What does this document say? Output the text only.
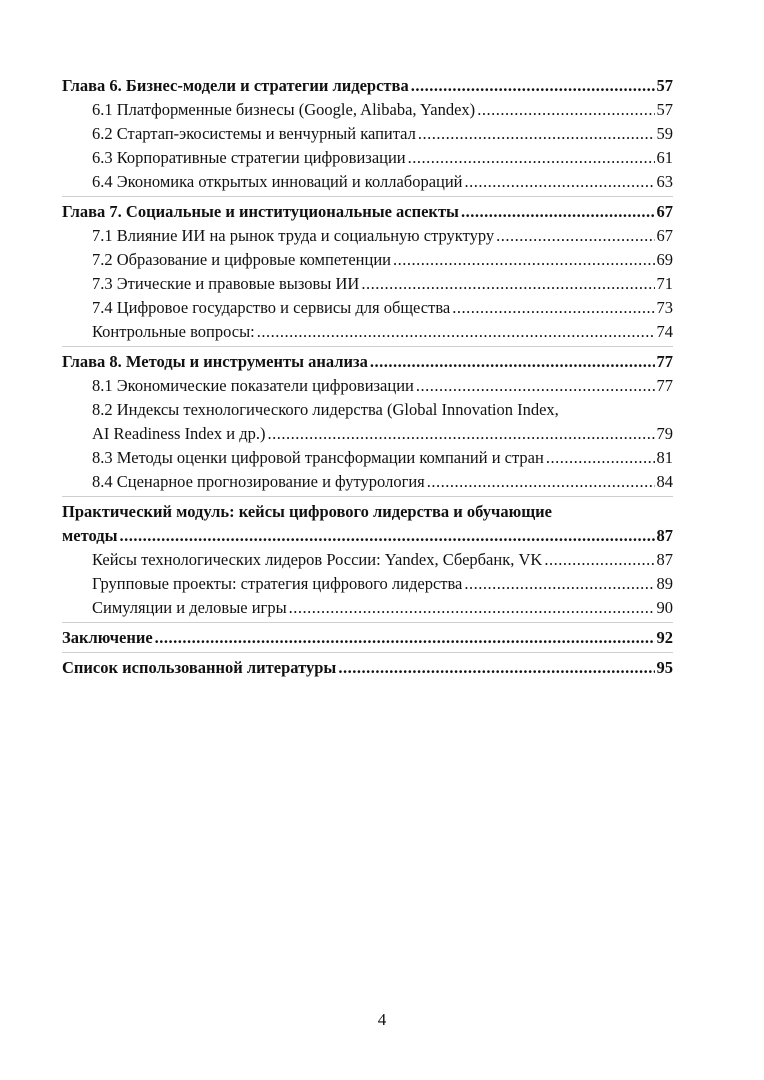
Глава 6. Бизнес-модели и стратегии лидерства .....	57
6.1 Платформенные бизнесы (Google, Alibaba, Yandex) .....	57
6.2 Стартап-экосистемы и венчурный капитал .....	59
6.3 Корпоративные стратегии цифровизации .....	61
6.4 Экономика открытых инноваций и коллабораций .....	63
Глава 7. Социальные и институциональные аспекты .....	67
7.1 Влияние ИИ на рынок труда и социальную структуру .....	67
7.2 Образование и цифровые компетенции .....	69
7.3 Этические и правовые вызовы ИИ .....	71
7.4 Цифровое государство и сервисы для общества .....	73
Контрольные вопросы: .....	74
Глава 8. Методы и инструменты анализа .....	77
8.1 Экономические показатели цифровизации .....	77
8.2 Индексы технологического лидерства (Global Innovation Index,
AI Readiness Index и др.) .....	79
8.3 Методы оценки цифровой трансформации компаний и стран .....	81
8.4 Сценарное прогнозирование и футурология .....	84
Практический модуль: кейсы цифрового лидерства и обучающие
методы .....	87
Кейсы технологических лидеров России: Yandex, Сбербанк, VK .....	87
Групповые проекты: стратегия цифрового лидерства .....	89
Симуляции и деловые игры .....	90
Заключение .....	92
Список использованной литературы .....	95
4
